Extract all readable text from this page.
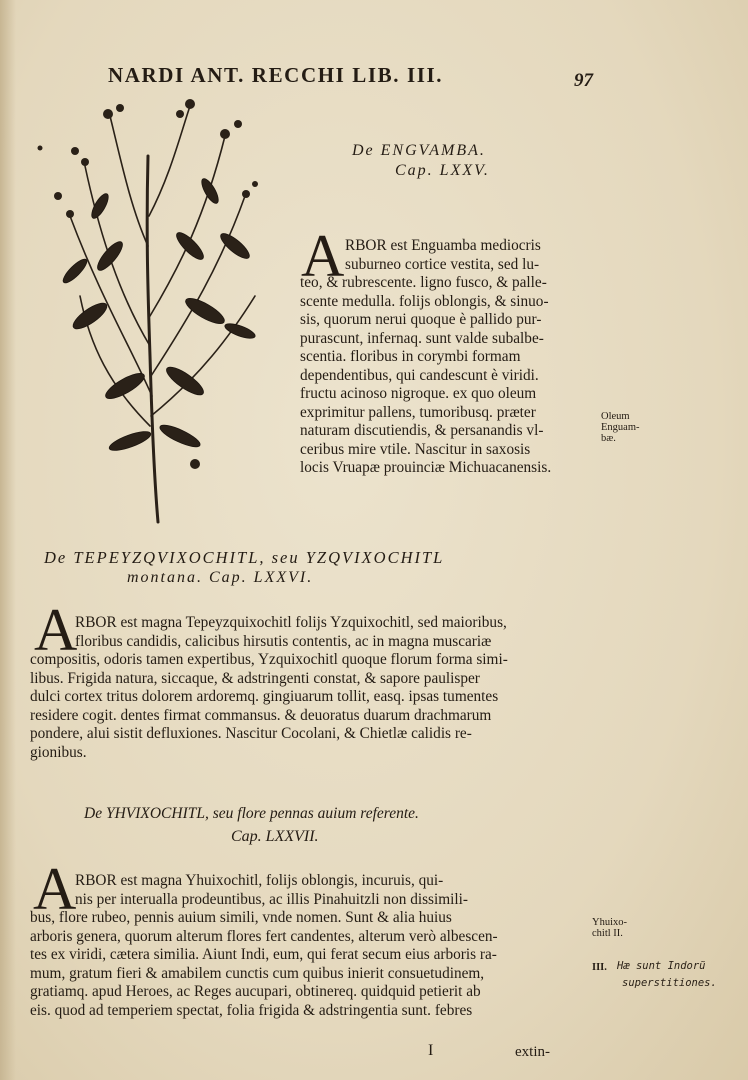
NARDI ANT. RECCHI LIB. III.	97
De ENGVAMBA.
Cap. LXXV.
A RBOR est Enguamba mediocris
suburneo cortice vestita, sed lu-
teo, & rubrescente. ligno fusco, & palle-
scente medulla. folijs oblongis, & sinuo-
sis, quorum nerui quoque è pallido pur-
purascunt, infernaq. sunt valde subalbe-
scentia. floribus in corymbi formam
dependentibus, qui candescunt è viridi.
fructu acinoso nigroque. ex quo oleum
exprimitur pallens, tumoribusq. præter
naturam discutiendis, & persanandis vl-
ceribus mire vtile. Nascitur in saxosis
locis Vruapæ prouinciæ Michuacanensis.
Oleum
Enguam-
bæ.
De TEPEYZQVIXOCHITL, seu YZQVIXOCHITL
montana. Cap. LXXVI.
A
RBOR est magna Tepeyzquixochitl folijs Yzquixochitl, sed maioribus,
floribus candidis, calicibus hirsutis contentis, ac in magna muscariæ
compositis, odoris tamen expertibus, Yzquixochitl quoque florum forma simi-
libus. Frigida natura, siccaque, & adstringenti constat, & sapore paulisper
dulci cortex tritus dolorem ardoremq. gingiuarum tollit, easq. ipsas tumentes
residere cogit. dentes firmat commansus. & deuoratus duarum drachmarum
pondere, alui sistit defluxiones. Nascitur Cocolani, & Chietlæ calidis re-
gionibus.
De YHVIXOCHITL, seu flore pennas auium referente.
Cap. LXXVII.
A
RBOR est magna Yhuixochitl, folijs oblongis, incuruis, qui-
nis per interualla prodeuntibus, ac illis Pinahuitzli non dissimili-
bus, flore rubeo, pennis auium simili, vnde nomen. Sunt & alia huius
arboris genera, quorum alterum flores fert candentes, alterum verò albescen-
tes ex viridi, cætera similia. Aiunt Indi, eum, qui ferat secum eius arboris ra-
mum, gratum fieri & amabilem cunctis cum quibus inierit consuetudinem,
gratiamq. apud Heroes, ac Reges aucupari, obtinereq. quidquid petierit ab
eis. quod ad temperiem spectat, folia frigida & adstringentia sunt. febres
Yhuixo-
chitl II.
III. Hæ sunt Indorũ
superstitiones.
I	extin-
